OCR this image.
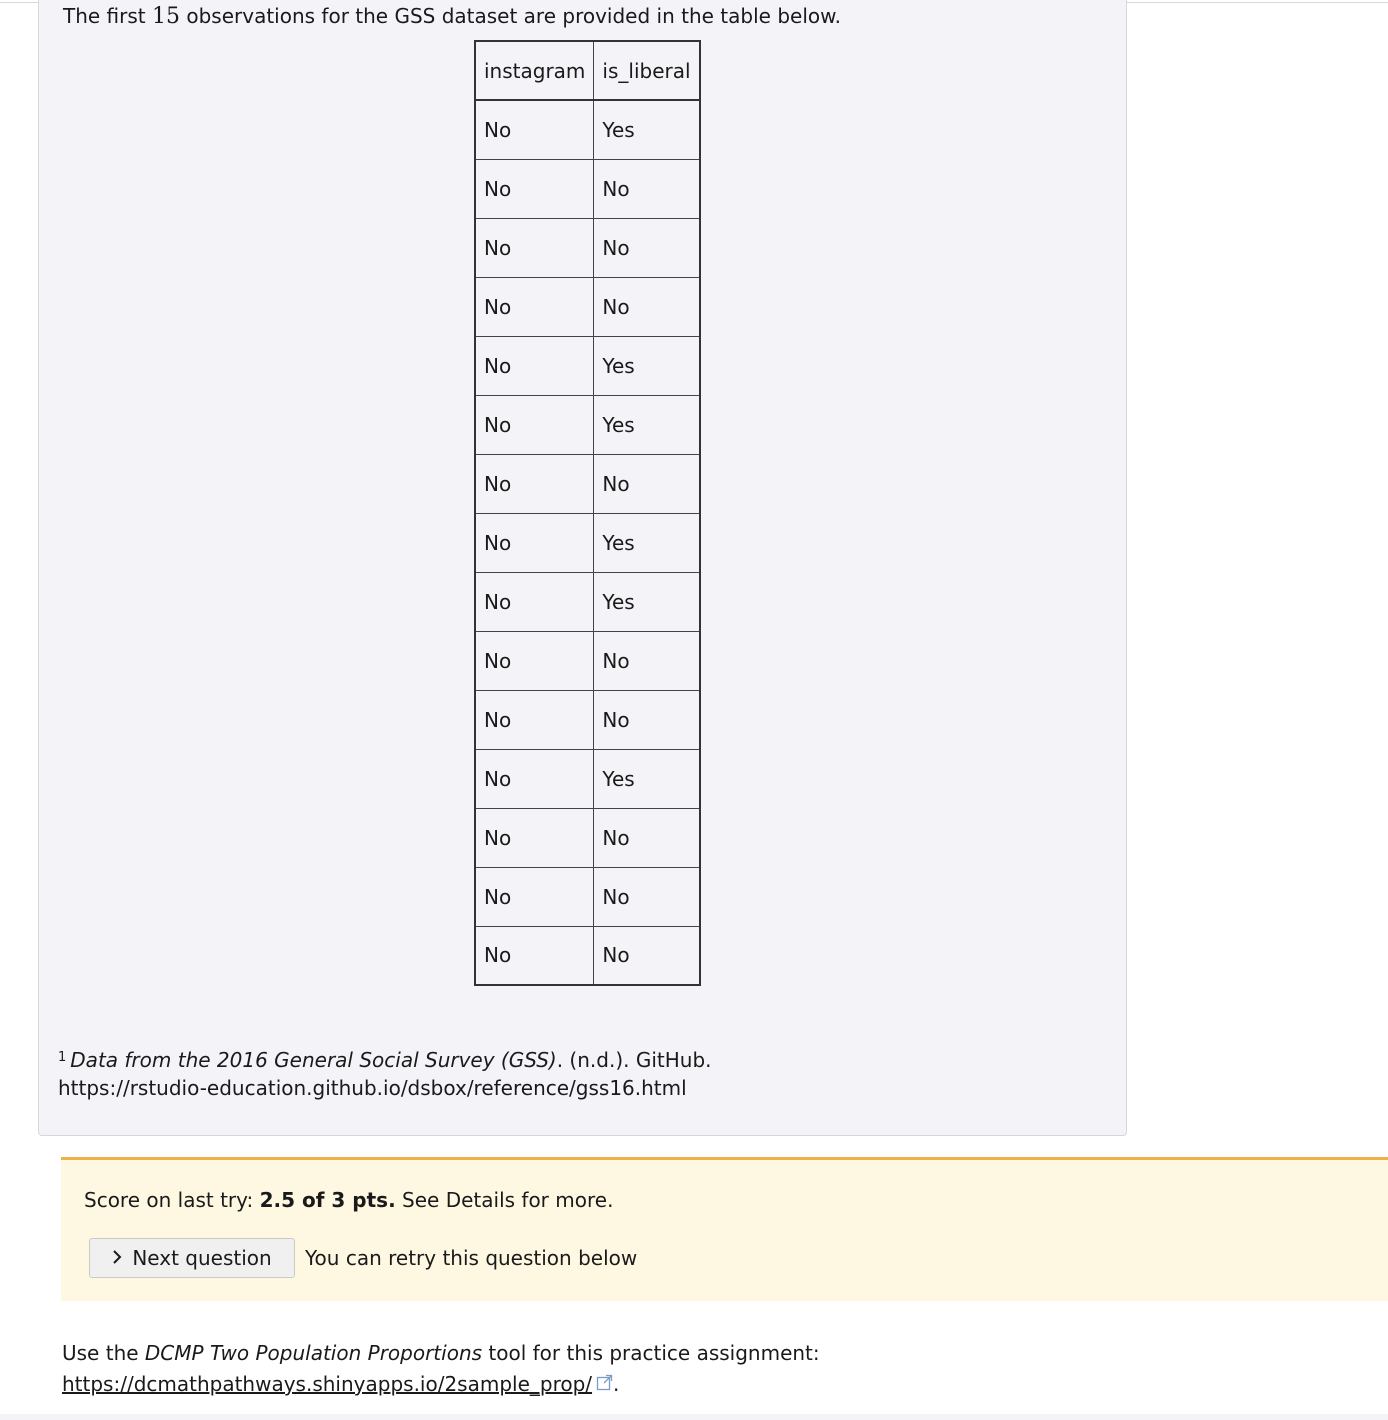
The first 15 observations for the GSS dataset are provided in the table below.
instagram	is_liberal
No	Yes
No	No
No	No
No	No
No	Yes
No	Yes
No	No
No	Yes
No	Yes
No	No
No	No
No	Yes
No	No
No	No
No	No
$^1$ Data from the 2016 General Social Survey (GSS). (n.d.). GitHub. https://rstudio-education.github.io/dsbox/reference/gss16.html
Score on last try: 2.5 of 3 pts. See Details for more.
Next question You can retry this question below
Use the DCMP Two Population Proportions tool for this practice assignment:
https://dcmathpathways.shinyapps.io/2sample_prop/ .
